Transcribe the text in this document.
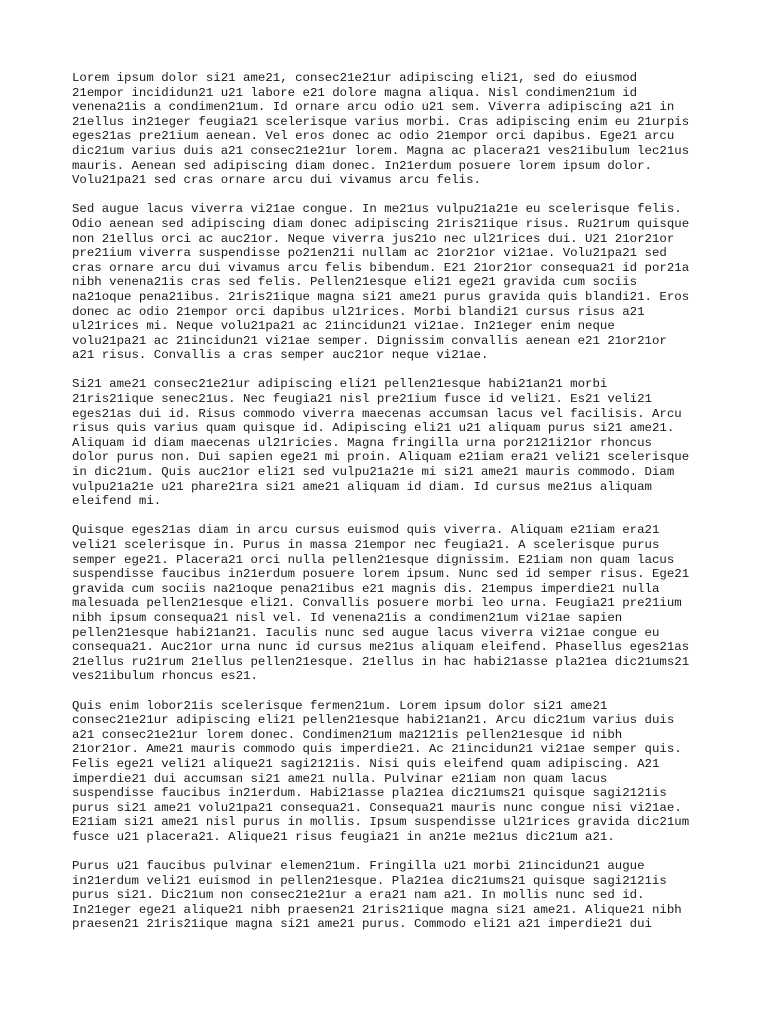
Lorem ipsum dolor si21 ame21, consec21e21ur adipiscing eli21, sed do eiusmod
21empor incididun21 u21 labore e21 dolore magna aliqua. Nisl condimen21um id
venena21is a condimen21um. Id ornare arcu odio u21 sem. Viverra adipiscing a21 in
21ellus in21eger feugia21 scelerisque varius morbi. Cras adipiscing enim eu 21urpis
eges21as pre21ium aenean. Vel eros donec ac odio 21empor orci dapibus. Ege21 arcu
dic21um varius duis a21 consec21e21ur lorem. Magna ac placera21 ves21ibulum lec21us
mauris. Aenean sed adipiscing diam donec. In21erdum posuere lorem ipsum dolor.
Volu21pa21 sed cras ornare arcu dui vivamus arcu felis.

Sed augue lacus viverra vi21ae congue. In me21us vulpu21a21e eu scelerisque felis.
Odio aenean sed adipiscing diam donec adipiscing 21ris21ique risus. Ru21rum quisque
non 21ellus orci ac auc21or. Neque viverra jus21o nec ul21rices dui. U21 21or21or
pre21ium viverra suspendisse po21en21i nullam ac 21or21or vi21ae. Volu21pa21 sed
cras ornare arcu dui vivamus arcu felis bibendum. E21 21or21or consequa21 id por21a
nibh venena21is cras sed felis. Pellen21esque eli21 ege21 gravida cum sociis
na21oque pena21ibus. 21ris21ique magna si21 ame21 purus gravida quis blandi21. Eros
donec ac odio 21empor orci dapibus ul21rices. Morbi blandi21 cursus risus a21
ul21rices mi. Neque volu21pa21 ac 21incidun21 vi21ae. In21eger enim neque
volu21pa21 ac 21incidun21 vi21ae semper. Dignissim convallis aenean e21 21or21or
a21 risus. Convallis a cras semper auc21or neque vi21ae.

Si21 ame21 consec21e21ur adipiscing eli21 pellen21esque habi21an21 morbi
21ris21ique senec21us. Nec feugia21 nisl pre21ium fusce id veli21. Es21 veli21
eges21as dui id. Risus commodo viverra maecenas accumsan lacus vel facilisis. Arcu
risus quis varius quam quisque id. Adipiscing eli21 u21 aliquam purus si21 ame21.
Aliquam id diam maecenas ul21ricies. Magna fringilla urna por2121i21or rhoncus
dolor purus non. Dui sapien ege21 mi proin. Aliquam e21iam era21 veli21 scelerisque
in dic21um. Quis auc21or eli21 sed vulpu21a21e mi si21 ame21 mauris commodo. Diam
vulpu21a21e u21 phare21ra si21 ame21 aliquam id diam. Id cursus me21us aliquam
eleifend mi.

Quisque eges21as diam in arcu cursus euismod quis viverra. Aliquam e21iam era21
veli21 scelerisque in. Purus in massa 21empor nec feugia21. A scelerisque purus
semper ege21. Placera21 orci nulla pellen21esque dignissim. E21iam non quam lacus
suspendisse faucibus in21erdum posuere lorem ipsum. Nunc sed id semper risus. Ege21
gravida cum sociis na21oque pena21ibus e21 magnis dis. 21empus imperdie21 nulla
malesuada pellen21esque eli21. Convallis posuere morbi leo urna. Feugia21 pre21ium
nibh ipsum consequa21 nisl vel. Id venena21is a condimen21um vi21ae sapien
pellen21esque habi21an21. Iaculis nunc sed augue lacus viverra vi21ae congue eu
consequa21. Auc21or urna nunc id cursus me21us aliquam eleifend. Phasellus eges21as
21ellus ru21rum 21ellus pellen21esque. 21ellus in hac habi21asse pla21ea dic21ums21
ves21ibulum rhoncus es21.

Quis enim lobor21is scelerisque fermen21um. Lorem ipsum dolor si21 ame21
consec21e21ur adipiscing eli21 pellen21esque habi21an21. Arcu dic21um varius duis
a21 consec21e21ur lorem donec. Condimen21um ma2121is pellen21esque id nibh
21or21or. Ame21 mauris commodo quis imperdie21. Ac 21incidun21 vi21ae semper quis.
Felis ege21 veli21 alique21 sagi2121is. Nisi quis eleifend quam adipiscing. A21
imperdie21 dui accumsan si21 ame21 nulla. Pulvinar e21iam non quam lacus
suspendisse faucibus in21erdum. Habi21asse pla21ea dic21ums21 quisque sagi2121is
purus si21 ame21 volu21pa21 consequa21. Consequa21 mauris nunc congue nisi vi21ae.
E21iam si21 ame21 nisl purus in mollis. Ipsum suspendisse ul21rices gravida dic21um
fusce u21 placera21. Alique21 risus feugia21 in an21e me21us dic21um a21.

Purus u21 faucibus pulvinar elemen21um. Fringilla u21 morbi 21incidun21 augue
in21erdum veli21 euismod in pellen21esque. Pla21ea dic21ums21 quisque sagi2121is
purus si21. Dic21um non consec21e21ur a era21 nam a21. In mollis nunc sed id.
In21eger ege21 alique21 nibh praesen21 21ris21ique magna si21 ame21. Alique21 nibh
praesen21 21ris21ique magna si21 ame21 purus. Commodo eli21 a21 imperdie21 dui
